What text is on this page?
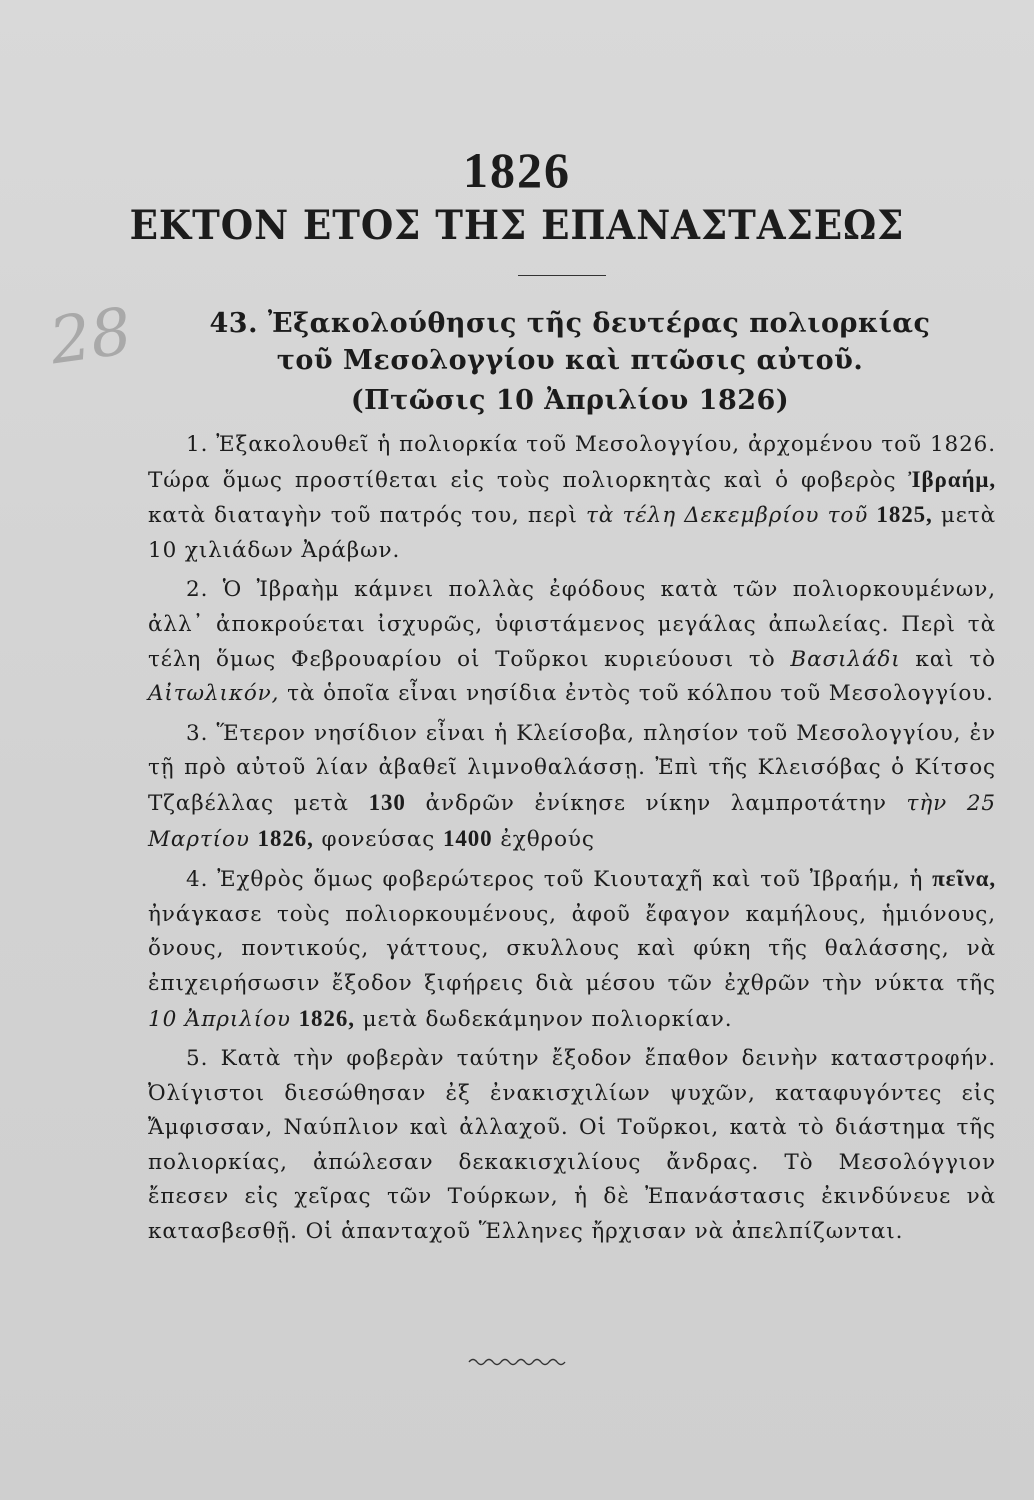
1826
ΕΚΤΟΝ ΕΤΟΣ ΤΗΣ ΕΠΑΝΑΣΤΑΣΕΩΣ
28	43. Ἐξακολούθησις τῆς δευτέρας πολιορκίας
τοῦ Μεσολογγίου καὶ πτῶσις αὐτοῦ.
(Πτῶσις 10 Ἀπριλίου 1826)

1. Ἐξακολουθεῖ ἡ πολιορκία τοῦ Μεσολογγίου, ἀρχομένου τοῦ 1826. Τώρα ὅμως προστίθεται εἰς τοὺς πολιορκητὰς καὶ ὁ φοβερὸς Ἰβραήμ, κατὰ διαταγὴν τοῦ πατρός του, περὶ τὰ τέλη Δεκεμβρίου τοῦ 1825, μετὰ 10 χιλιάδων Ἀράβων.

2. Ὁ Ἰβραὴμ κάμνει πολλὰς ἐφόδους κατὰ τῶν πολιορκουμένων, ἀλλ᾽ ἀποκρούεται ἰσχυρῶς, ὑφιστάμενος μεγάλας ἀπωλείας. Περὶ τὰ τέλη ὅμως Φεβρουαρίου οἱ Τοῦρκοι κυριεύουσι τὸ Βασιλάδι καὶ τὸ Αἰτωλικόν, τὰ ὁποῖα εἶναι νησίδια ἐντὸς τοῦ κόλπου τοῦ Μεσολογγίου.

3. Ἕτερον νησίδιον εἶναι ἡ Κλείσοβα, πλησίον τοῦ Μεσολογγίου, ἐν τῇ πρὸ αὐτοῦ λίαν ἀβαθεῖ λιμνοθαλάσσῃ. Ἐπὶ τῆς Κλεισόβας ὁ Κίτσος Τζαβέλλας μετὰ 130 ἀνδρῶν ἐνίκησε νίκην λαμπροτάτην τὴν 25 Μαρτίου 1826, φονεύσας 1400 ἐχθρούς

4. Ἐχθρὸς ὅμως φοβερώτερος τοῦ Κιουταχῆ καὶ τοῦ Ἰβραήμ, ἡ πεῖνα, ἠνάγκασε τοὺς πολιορκουμένους, ἀφοῦ ἔφαγον καμήλους, ἡμιόνους, ὄνους, ποντικούς, γάττους, σκυλλους καὶ φύκη τῆς θαλάσσης, νὰ ἐπιχειρήσωσιν ἔξοδον ξιφήρεις διὰ μέσου τῶν ἐχθρῶν τὴν νύκτα τῆς 10 Ἀπριλίου 1826, μετὰ δωδεκάμηνον πολιορκίαν.

5. Κατὰ τὴν φοβερὰν ταύτην ἔξοδον ἔπαθον δεινὴν καταστροφήν. Ὀλίγιστοι διεσώθησαν ἐξ ἐνακισχιλίων ψυχῶν, καταφυγόντες εἰς Ἄμφισσαν, Ναύπλιον καὶ ἀλλαχοῦ. Οἱ Τοῦρκοι, κατὰ τὸ διάστημα τῆς πολιορκίας, ἀπώλεσαν δεκακισχιλίους ἄνδρας. Τὸ Μεσολόγγιον ἔπεσεν εἰς χεῖρας τῶν Τούρκων, ἡ δὲ Ἐπανάστασις ἐκινδύνευε νὰ κατασβεσθῇ. Οἱ ἁπανταχοῦ Ἕλληνες ἤρχισαν νὰ ἀπελπίζωνται.
